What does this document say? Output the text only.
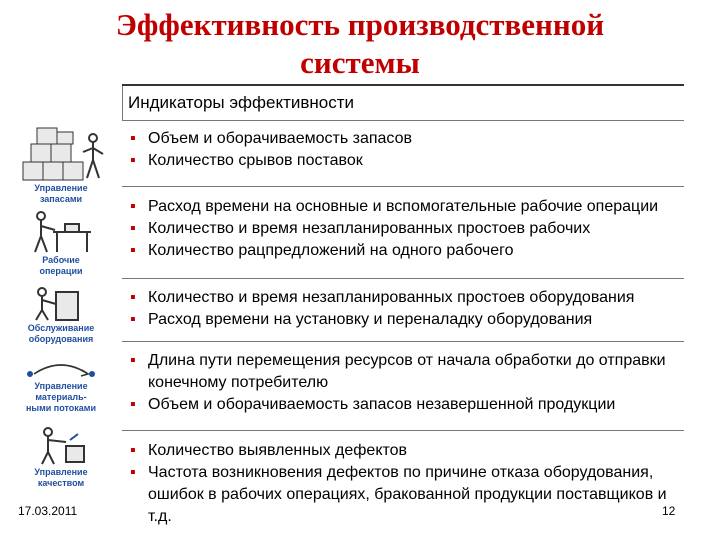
Эффективность производственной системы
Индикаторы эффективности
▪ Объем и оборачиваемость запасов
▪ Количество срывов поставок
▪ Расход времени на основные и вспомогательные рабочие операции
▪ Количество и время незапланированных простоев рабочих
▪ Количество рацпредложений на одного рабочего
▪ Количество и время незапланированных простоев оборудования
▪ Расход времени на установку и переналадку оборудования
▪ Длина пути перемещения ресурсов от начала обработки до отправки конечному потребителю
▪ Объем и оборачиваемость запасов незавершенной продукции
▪ Количество выявленных дефектов
▪ Частота возникновения дефектов по причине отказа оборудования, ошибок в рабочих операциях, бракованной продукции поставщиков и т.д.
Управление
запасами
Рабочие
операции
Обслуживание
оборудования
Управление
материаль-
ными потоками
Управление
качеством
17.03.2011	12
